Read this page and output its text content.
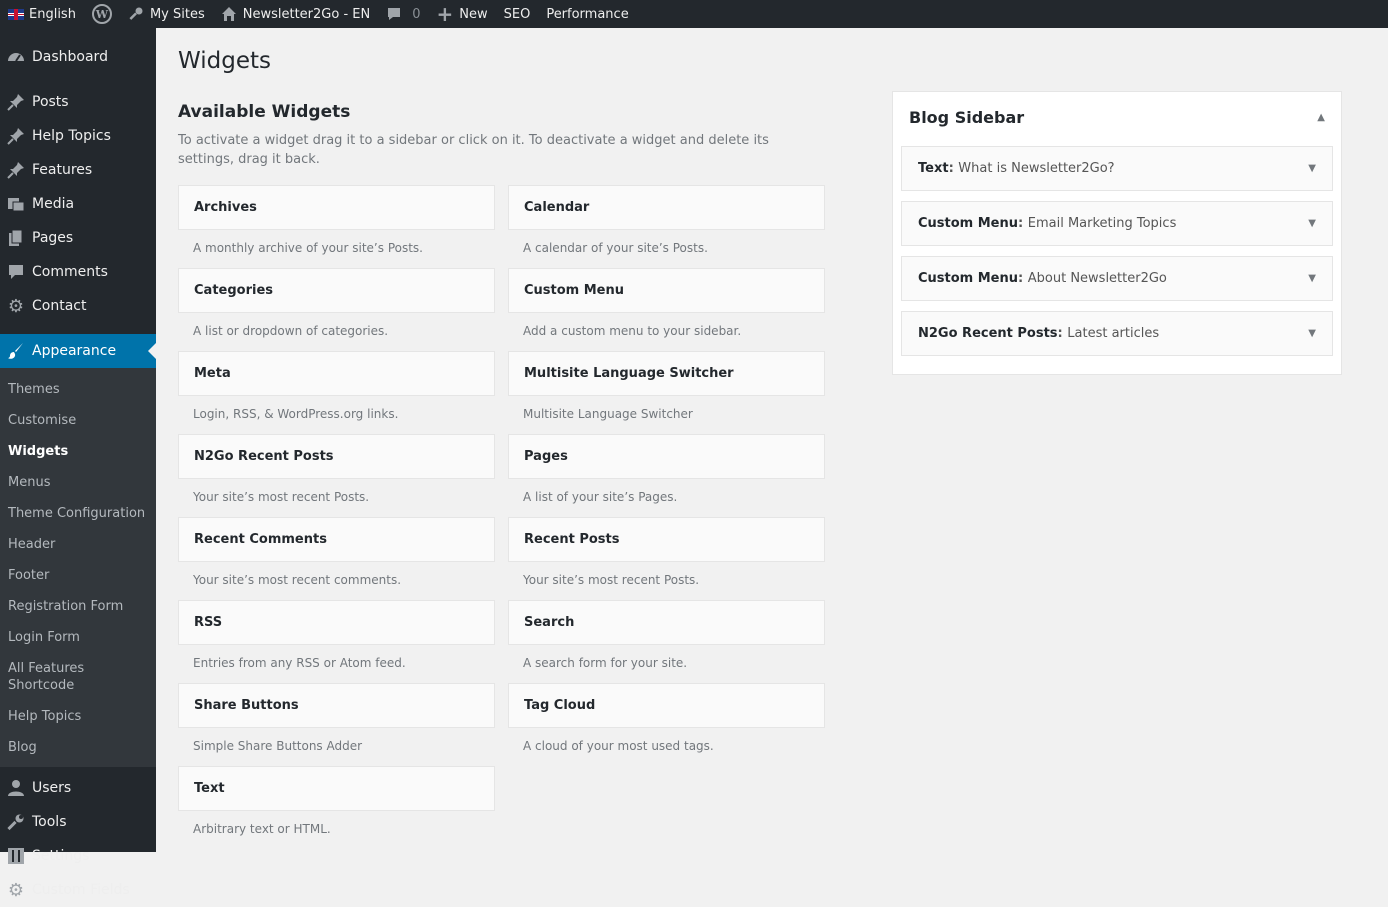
English	W	My Sites	Newsletter2Go - EN	0 + New SEO Performance
Dashboard
Posts
Help Topics
Features
Media
Pages
Comments
⚙ Contact
Appearance
Themes
Customise
Widgets
Menus
Theme Configuration
Header
Footer
Registration Form
Login Form
All Features Shortcode
Help Topics
Blog
Users
Tools
Settings
⚙ Custom Fields
Widgets
Available Widgets

To activate a widget drag it to a sidebar or click on it. To deactivate a widget and delete its settings, drag it back.

Archives
A monthly archive of your site’s Posts.
Categories
A list or dropdown of categories.
Meta
Login, RSS, & WordPress.org links.
N2Go Recent Posts
Your site’s most recent Posts.
Recent Comments
Your site’s most recent comments.
RSS
Entries from any RSS or Atom feed.
Share Buttons
Simple Share Buttons Adder
Text
Arbitrary text or HTML.
Calendar
A calendar of your site’s Posts.
Custom Menu
Add a custom menu to your sidebar.
Multisite Language Switcher
Multisite Language Switcher
Pages
A list of your site’s Pages.
Recent Posts
Your site’s most recent Posts.
Search
A search form for your site.
Tag Cloud
A cloud of your most used tags.
Blog Sidebar	▲
Text: What is Newsletter2Go?	▼
Custom Menu: Email Marketing Topics	▼
Custom Menu: About Newsletter2Go	▼
N2Go Recent Posts: Latest articles	▼
